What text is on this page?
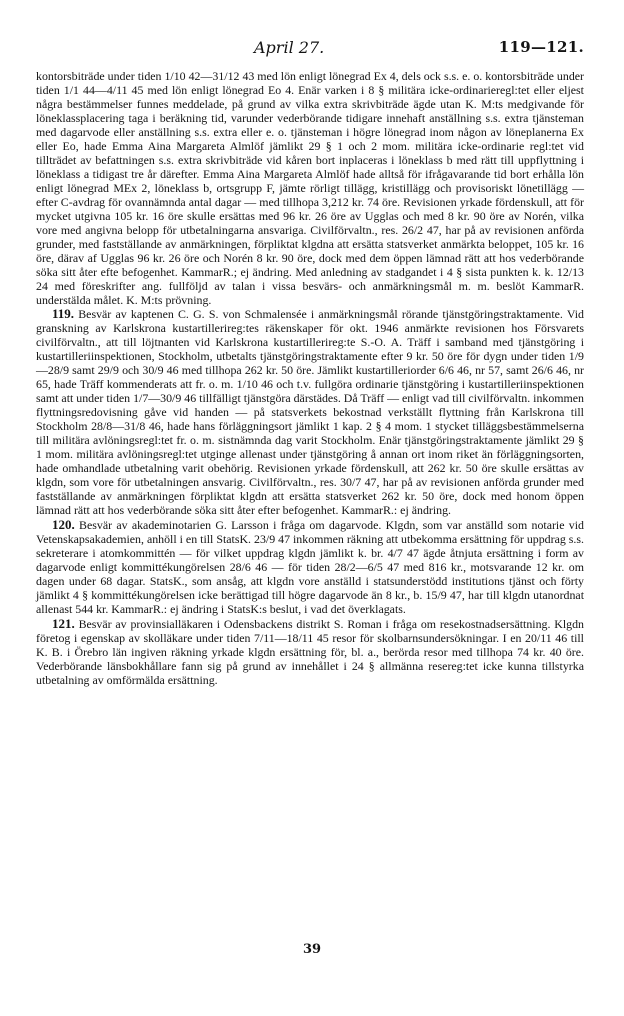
April 27.	119—121.

kontorsbiträde under tiden 1/10 42—31/12 43 med lön enligt lönegrad Ex 4, dels ock s.s. e. o. kontorsbiträde under tiden 1/1 44—4/11 45 med lön enligt lönegrad Eo 4. Enär varken i 8 § militära icke-ordinarieregl:tet eller eljest några bestämmelser funnes meddelade, på grund av vilka extra skrivbiträde ägde utan K. M:ts medgivande för löneklassplacering taga i beräkning tid, varunder vederbörande tidigare innehaft anställning s.s. extra tjänsteman med dagarvode eller anställning s.s. extra eller e. o. tjänsteman i högre lönegrad inom någon av löneplanerna Ex eller Eo, hade Emma Aina Margareta Almlöf jämlikt 29 § 1 och 2 mom. militära icke-ordinarie regl:tet vid tillträdet av befattningen s.s. extra skrivbiträde vid kåren bort inplaceras i löneklass b med rätt till uppflyttning i löneklass a tidigast tre år därefter. Emma Aina Margareta Almlöf hade alltså för ifrågavarande tid bort erhålla lön enligt lönegrad MEx 2, löneklass b, ortsgrupp F, jämte rörligt tillägg, kristillägg och provisoriskt lönetillägg — efter C-avdrag för ovannämnda antal dagar — med tillhopa 3,212 kr. 74 öre. Revisionen yrkade fördenskull, att för mycket utgivna 105 kr. 16 öre skulle ersättas med 96 kr. 26 öre av Ugglas och med 8 kr. 90 öre av Norén, vilka vore med angivna belopp för utbetalningarna ansvariga. Civilförvaltn., res. 26/2 47, har på av revisionen anförda grunder, med fastställande av anmärkningen, förpliktat klgdna att ersätta statsverket anmärkta beloppet, 105 kr. 16 öre, därav af Ugglas 96 kr. 26 öre och Norén 8 kr. 90 öre, dock med dem öppen lämnad rätt att hos vederbörande söka sitt åter efte befogenhet. KammarR.; ej ändring. Med anledning av stadgandet i 4 § sista punkten k. k. 12/13 24 med föreskrifter ang. fullföljd av talan i vissa besvärs- och anmärkningsmål m. m. beslöt KammarR. understälda målet. K. M:ts prövning.

119. Besvär av kaptenen C. G. S. von Schmalensée i anmärkningsmål rörande tjänstgöringstraktamente. Vid granskning av Karlskrona kustartillerireg:tes räkenskaper för okt. 1946 anmärkte revisionen hos Försvarets civilförvaltn., att till löjtnanten vid Karlskrona kustartillerireg:te S.-O. A. Träff i samband med tjänstgöring i kustartilleriinspektionen, Stockholm, utbetalts tjänstgöringstraktamente efter 9 kr. 50 öre för dygn under tiden 1/9—28/9 samt 29/9 och 30/9 46 med tillhopa 262 kr. 50 öre. Jämlikt kustartilleriorder 6/6 46, nr 57, samt 26/6 46, nr 65, hade Träff kommenderats att fr. o. m. 1/10 46 och t.v. fullgöra ordinarie tjänstgöring i kustartilleriinspektionen samt att under tiden 1/7—30/9 46 tillfälligt tjänstgöra därstädes. Då Träff — enligt vad till civilförvaltn. inkommen flyttningsredovisning gåve vid handen — på statsverkets bekostnad verkställt flyttning från Karlskrona till Stockholm 28/8—31/8 46, hade hans förläggningsort jämlikt 1 kap. 2 § 4 mom. 1 stycket tilläggsbestämmelserna till militära avlöningsregl:tet fr. o. m. sistnämnda dag varit Stockholm. Enär tjänstgöringstraktamente jämlikt 29 § 1 mom. militära avlöningsregl:tet utginge allenast under tjänstgöring å annan ort inom riket än förläggningsorten, hade omhandlade utbetalning varit obehörig. Revisionen yrkade fördenskull, att 262 kr. 50 öre skulle ersättas av klgdn, som vore för utbetalningen ansvarig. Civilförvaltn., res. 30/7 47, har på av revisionen anförda grunder med fastställande av anmärkningen förpliktat klgdn att ersätta statsverket 262 kr. 50 öre, dock med honom öppen lämnad rätt att hos vederbörande söka sitt åter efter befogenhet. KammarR.: ej ändring.

120. Besvär av akademinotarien G. Larsson i fråga om dagarvode. Klgdn, som var anställd som notarie vid Vetenskapsakademien, anhöll i en till StatsK. 23/9 47 inkommen räkning att utbekomma ersättning för uppdrag s.s. sekreterare i atomkommittén — för vilket uppdrag klgdn jämlikt k. br. 4/7 47 ägde åtnjuta ersättning i form av dagarvode enligt kommittékungörelsen 28/6 46 — för tiden 28/2—6/5 47 med 816 kr., motsvarande 12 kr. om dagen under 68 dagar. StatsK., som ansåg, att klgdn vore anställd i statsunderstödd institutions tjänst och förty jämlikt 4 § kommittékungörelsen icke berättigad till högre dagarvode än 8 kr., b. 15/9 47, har till klgdn utanordnat allenast 544 kr. KammarR.: ej ändring i StatsK:s beslut, i vad det överklagats.

121. Besvär av provinsialläkaren i Odensbackens distrikt S. Roman i fråga om resekostnadsersättning. Klgdn företog i egenskap av skolläkare under tiden 7/11—18/11 45 resor för skolbarnsundersökningar. I en 20/11 46 till K. B. i Örebro län ingiven räkning yrkade klgdn ersättning för, bl. a., berörda resor med tillhopa 74 kr. 40 öre. Vederbörande länsbokhållare fann sig på grund av innehållet i 24 § allmänna resereg:tet icke kunna tillstyrka utbetalning av omförmälda ersättning.

39
